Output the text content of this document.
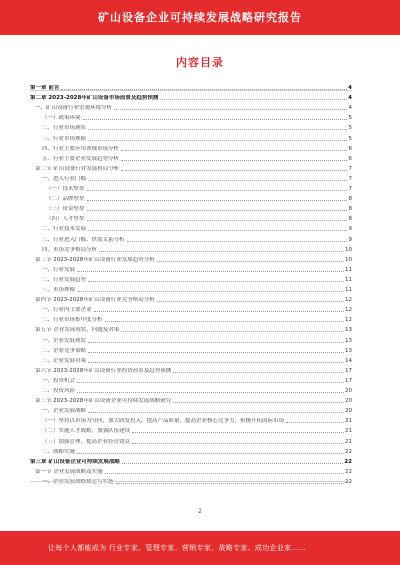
矿山设备企业可持续发展战略研究报告
内容目录
第一章 前言	4
第二章 2023-2028年矿山设备市场前景及趋势预测	4
一、矿山设备行业宏观环境分析	4
（一）政策环境	5
二、行业市场现状	5
三、行业市场规模	5
四、行业主要应用领域市场分析	6
五、行业主要企业发展趋势分析	6
第二节 矿山设备行业发展格局分析	7
一、进入行业门槛	7
（一）技术壁垒	7
（二）品牌壁垒	8
（三）资金壁垒	8
（四）人才壁垒	8
二、行业技术发展	9
三、行业进入门槛、供需关系分析	9
四、市场竞争格局分析	10
第三节 2023-2028年矿山设备行业发展趋势分析	10
一、行业发展	11
二、行业发展趋势	11
三、市场规模	11
第四节 2023-2028年矿山设备行业竞争格局分析	12
一、行业内主要企业	12
二、行业市场集中度分析	12
第五节 企业发展现状、问题及对策	13
一、企业发展现状	13
二、企业竞争策略	13
三、企业发展对策	14
第六节 2023-2028年矿山设备行业投资前景及趋势预测	17
一、投资机会	17
二、投资风险	20
第三节 2023-2028年矿山设备企业可持续发展战略研究	20
一、企业发展战略	20
（一）坚持以市场为导向，加大研发投入，提高产品质量，提高企业核心竞争力，积极开拓国际市场	21
（二）实施人才战略，加强队伍建设	21
（三）加强管理，提高企业经营效益	21
二、战略实施	22
第三章 矿山设备企业可持续发展战略	22
第一节 企业发展战略及实施	22
一、企业发展战略制定与实施	22
2
让每个人都能成为 行业专家、管理专家、营销专家、战略专家、成功企业家……
